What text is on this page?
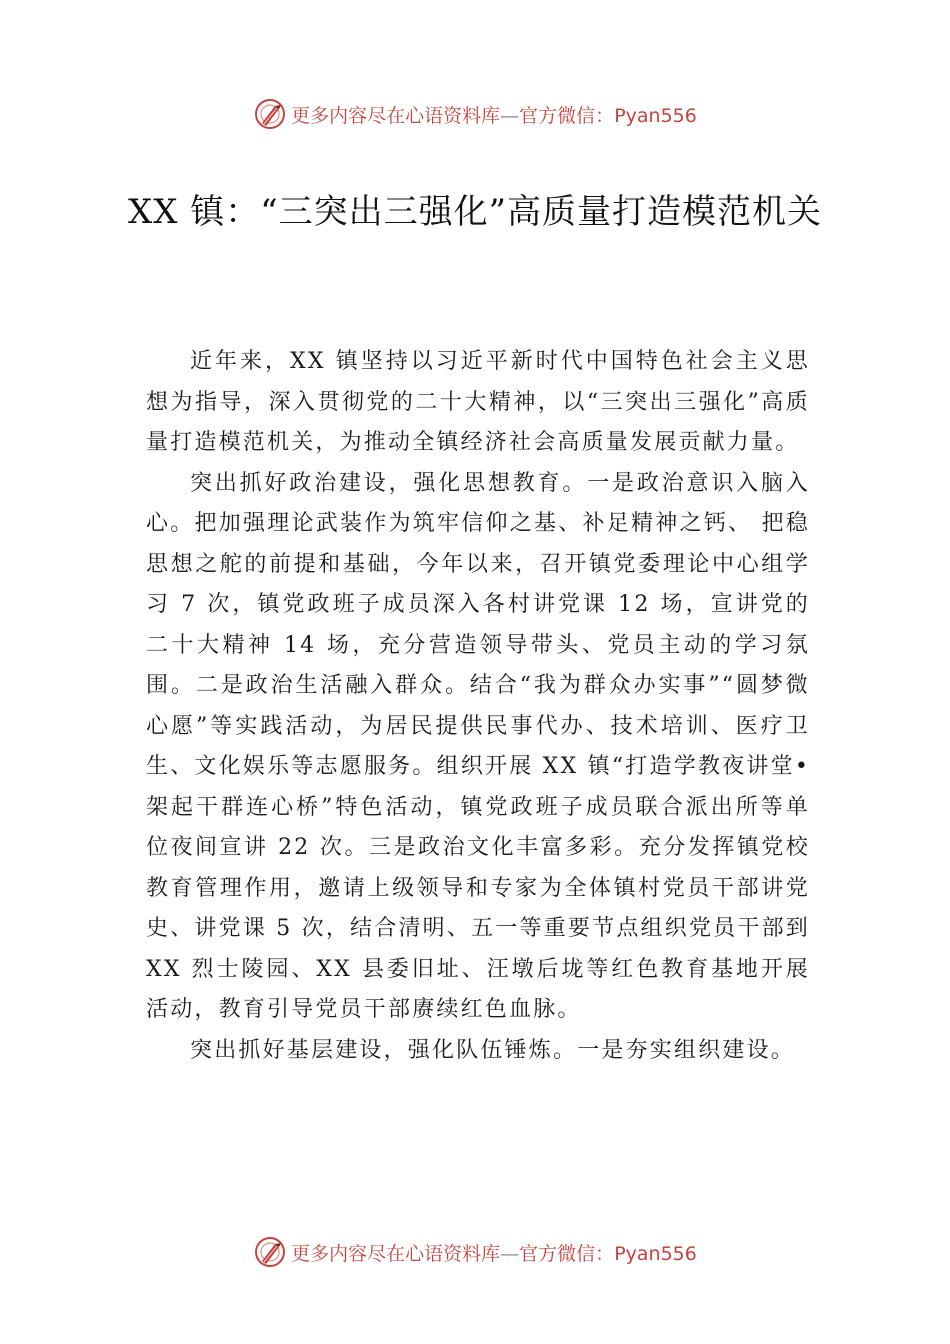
更多内容尽在心语资料库—官方微信：Pyan556
XX 镇：“三突出三强化”高质量打造模范机关

近年来，XX 镇坚持以习近平新时代中国特色社会主义思想为指导，深入贯彻党的二十大精神，以“三突出三强化”高质量打造模范机关，为推动全镇经济社会高质量发展贡献力量。

突出抓好政治建设，强化思想教育。一是政治意识入脑入心。把加强理论武装作为筑牢信仰之基、补足精神之钙、 把稳思想之舵的前提和基础，今年以来，召开镇党委理论中心组学习 7 次，镇党政班子成员深入各村讲党课 12 场，宣讲党的二十大精神 14 场，充分营造领导带头、党员主动的学习氛围。二是政治生活融入群众。结合“我为群众办实事”“圆梦微心愿”等实践活动，为居民提供民事代办、技术培训、医疗卫生、文化娱乐等志愿服务。组织开展 XX 镇“打造学教夜讲堂•架起干群连心桥”特色活动，镇党政班子成员联合派出所等单位夜间宣讲 22 次。三是政治文化丰富多彩。充分发挥镇党校教育管理作用，邀请上级领导和专家为全体镇村党员干部讲党史、讲党课 5 次，结合清明、五一等重要节点组织党员干部到 XX 烈士陵园、XX 县委旧址、汪墩后垅等红色教育基地开展活动，教育引导党员干部赓续红色血脉。

突出抓好基层建设，强化队伍锤炼。一是夯实组织建设。

更多内容尽在心语资料库—官方微信：Pyan556
